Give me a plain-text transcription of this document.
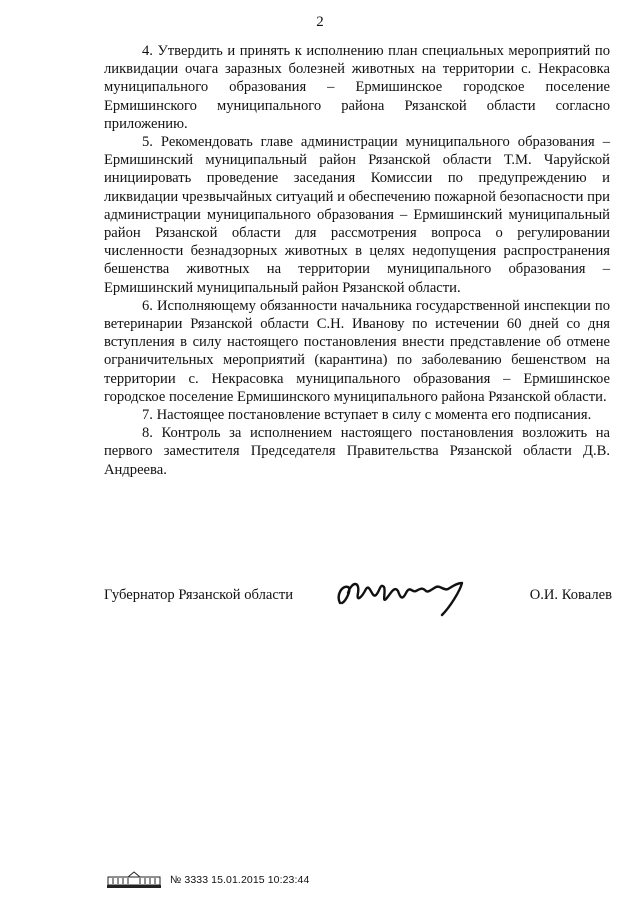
2

4. Утвердить и принять к исполнению план специальных мероприятий по ликвидации очага заразных болезней животных на территории с. Некрасовка муниципального образования – Ермишинское городское поселение Ермишинского муниципального района Рязанской области согласно приложению.

5. Рекомендовать главе администрации муниципального образования – Ермишинский муниципальный район Рязанской области Т.М. Чаруйской инициировать проведение заседания Комиссии по предупреждению и ликвидации чрезвычайных ситуаций и обеспечению пожарной безопасности при администрации муниципального образования – Ермишинский муниципальный район Рязанской области для рассмотрения вопроса о регулировании численности безнадзорных животных в целях недопущения распространения бешенства животных на территории муниципального образования – Ермишинский муниципальный район Рязанской области.

6. Исполняющему обязанности начальника государственной инспекции по ветеринарии Рязанской области С.Н. Иванову по истечении 60 дней со дня вступления в силу настоящего постановления внести представление об отмене ограничительных мероприятий (карантина) по заболеванию бешенством на территории с. Некрасовка муниципального образования – Ермишинское городское поселение Ермишинского муниципального района Рязанской области.

7. Настоящее постановление вступает в силу с момента его подписания.

8. Контроль за исполнением настоящего постановления возложить на первого заместителя Председателя Правительства Рязанской области Д.В. Андреева.

Губернатор Рязанской области	О.И. Ковалев
№ 3333 15.01.2015 10:23:44
